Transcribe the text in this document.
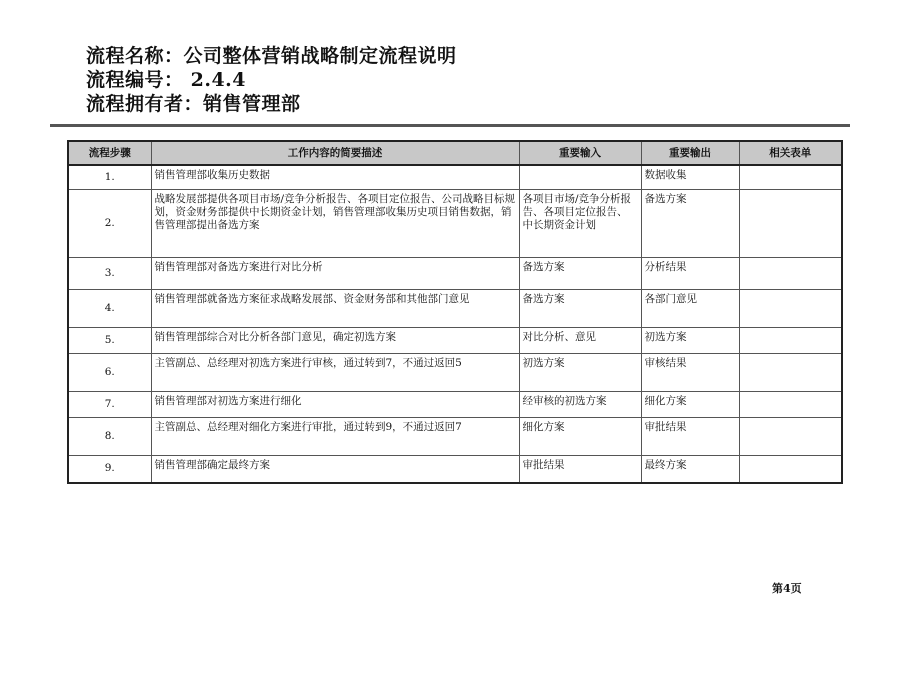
流程名称：公司整体营销战略制定流程说明
流程编号： 2.4.4
流程拥有者：销售管理部
流程步骤	工作内容的简要描述	重要输入	重要输出	相关表单
1.	销售管理部收集历史数据		数据收集	
2.	战略发展部提供各项目市场/竞争分析报告、各项目定位报告、公司战略目标规划，资金财务部提供中长期资金计划，销售管理部收集历史项目销售数据，销售管理部提出备选方案	各项目市场/竞争分析报告、各项目定位报告、中长期资金计划	备选方案	
3.	销售管理部对备选方案进行对比分析	备选方案	分析结果	
4.	销售管理部就备选方案征求战略发展部、资金财务部和其他部门意见	备选方案	各部门意见	
5.	销售管理部综合对比分析各部门意见，确定初选方案	对比分析、意见	初选方案	
6.	主管副总、总经理对初选方案进行审核，通过转到7，不通过返回5	初选方案	审核结果	
7.	销售管理部对初选方案进行细化	经审核的初选方案	细化方案	
8.	主管副总、总经理对细化方案进行审批，通过转到9，不通过返回7	细化方案	审批结果	
9.	销售管理部确定最终方案	审批结果	最终方案	
第4页
